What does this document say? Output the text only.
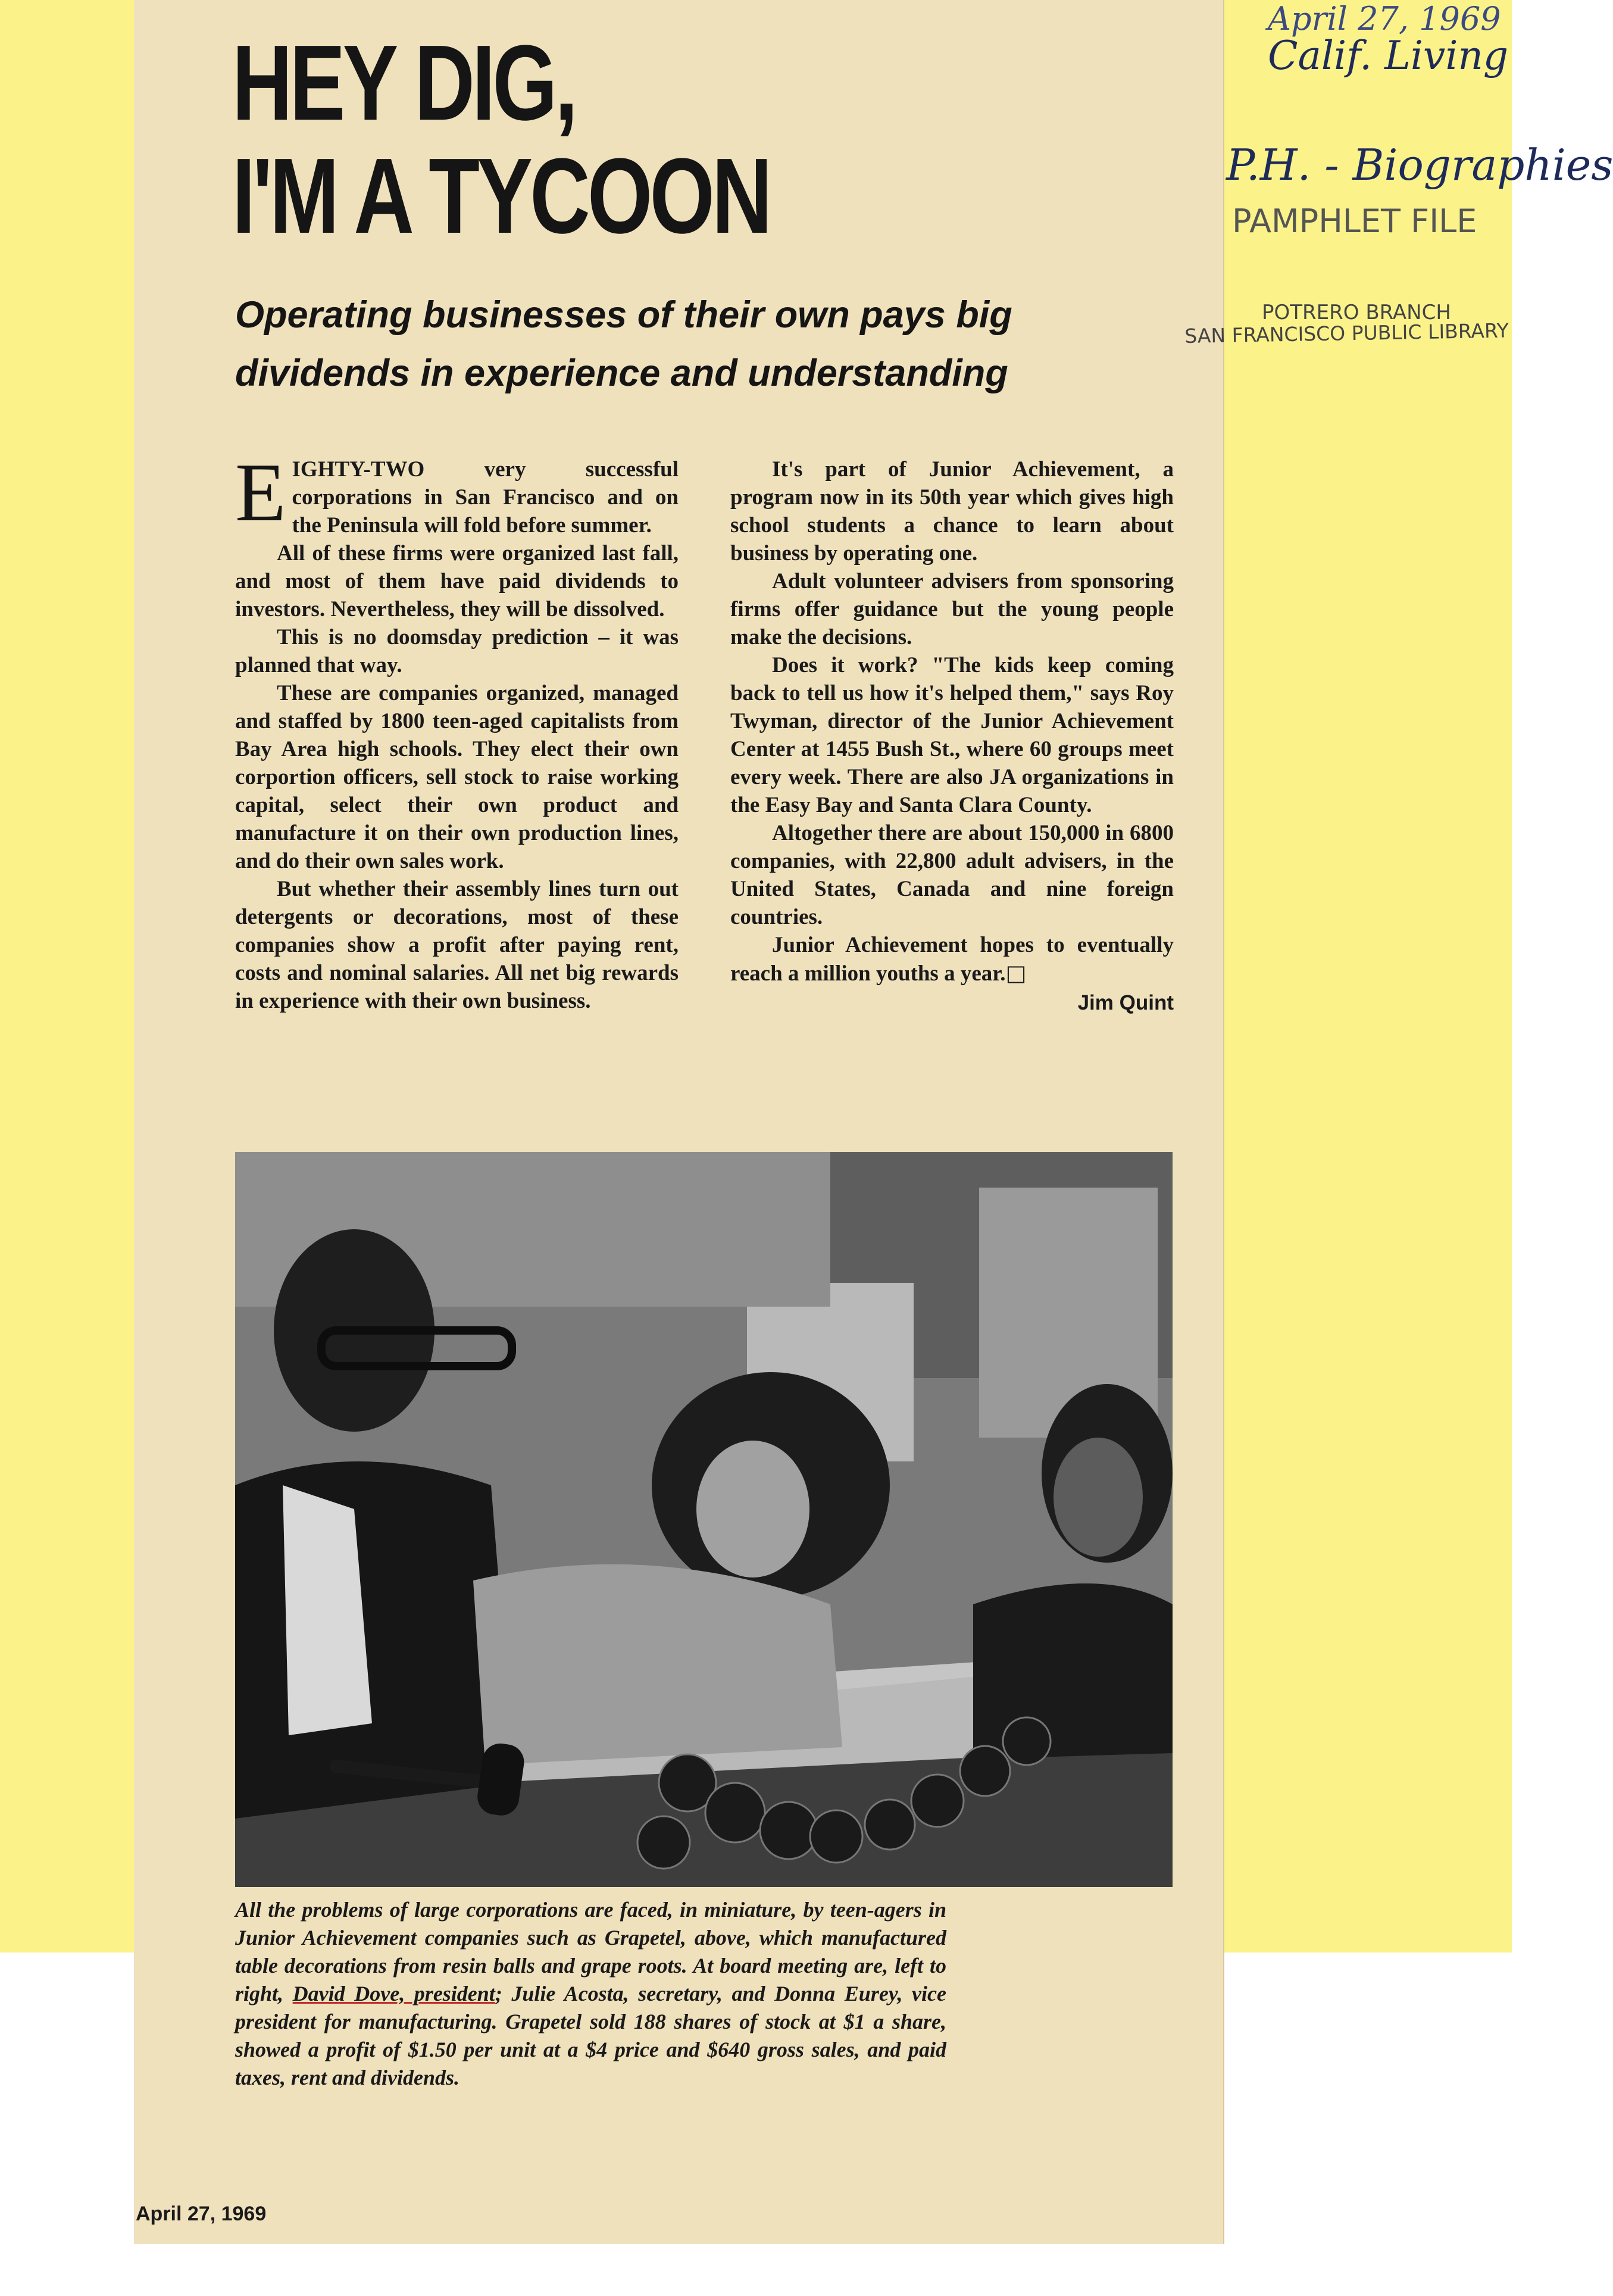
April 27, 1969
Calif. Living
P.H. - Biographies
PAMPHLET FILE
POTRERO BRANCH
SAN FRANCISCO PUBLIC LIBRARY
HEY DIG,
I'M A TYCOON

Operating businesses of their own pays big dividends in experience and understanding

EIGHTY-TWO very successful corporations in San Francisco and on the Peninsula will fold before summer.

All of these firms were organized last fall, and most of them have paid dividends to investors. Nevertheless, they will be dissolved.

This is no doomsday prediction – it was planned that way.

These are companies organized, managed and staffed by 1800 teen-aged capitalists from Bay Area high schools. They elect their own corportion officers, sell stock to raise working capital, select their own product and manufacture it on their own production lines, and do their own sales work.

But whether their assembly lines turn out detergents or decorations, most of these companies show a profit after paying rent, costs and nominal salaries. All net big rewards in experience with their own business.

It's part of Junior Achievement, a program now in its 50th year which gives high school students a chance to learn about business by operating one.

Adult volunteer advisers from sponsoring firms offer guidance but the young people make the decisions.

Does it work? "The kids keep coming back to tell us how it's helped them," says Roy Twyman, director of the Junior Achievement Center at 1455 Bush St., where 60 groups meet every week. There are also JA organizations in the Easy Bay and Santa Clara County.

Altogether there are about 150,000 in 6800 companies, with 22,800 adult advisers, in the United States, Canada and nine foreign countries.

Junior Achievement hopes to eventually reach a million youths a year.□

Jim Quint

All the problems of large corporations are faced, in miniature, by teen-agers in Junior Achievement companies such as Grapetel, above, which manufactured table decorations from resin balls and grape roots. At board meeting are, left to right, David Dove, president; Julie Acosta, secretary, and Donna Eurey, vice president for manufacturing. Grapetel sold 188 shares of stock at $1 a share, showed a profit of $1.50 per unit at a $4 price and $640 gross sales, and paid taxes, rent and dividends.

April 27, 1969
